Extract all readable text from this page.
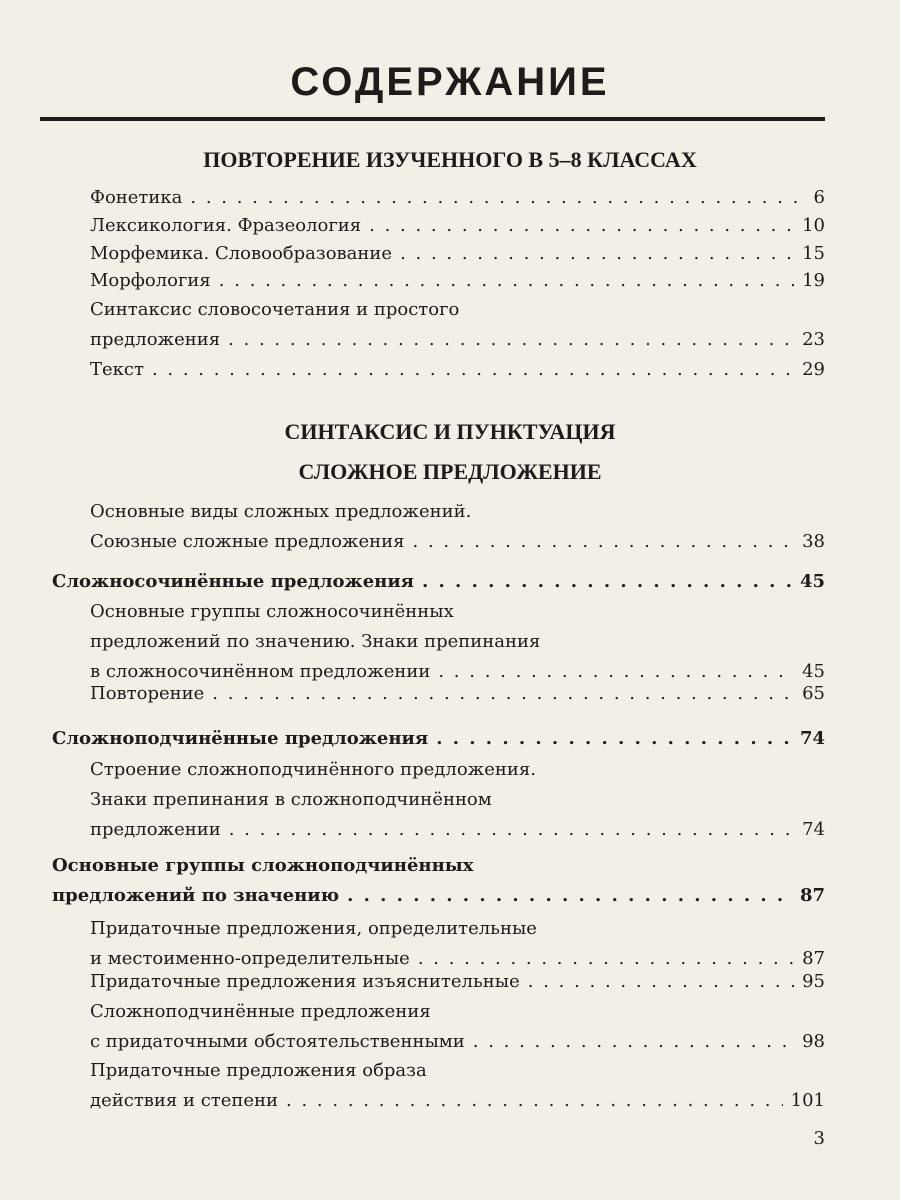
СОДЕРЖАНИЕ
ПОВТОРЕНИЕ ИЗУЧЕННОГО В 5–8 КЛАССАХ
Фонетика . . .	6
Лексикология. Фразеология . . .	10
Морфемика. Словообразование . . .	15
Морфология . . .	19
Синтаксис словосочетания и простого
предложения . . .	23
Текст . . .	29
СИНТАКСИС И ПУНКТУАЦИЯ
СЛОЖНОЕ ПРЕДЛОЖЕНИЕ
Основные виды сложных предложений.
Союзные сложные предложения . . .	38
Сложносочинённые предложения . . .	45
Основные группы сложносочинённых
предложений по значению. Знаки препинания
в сложносочинённом предложении . . .	45
Повторение . . .	65
Сложноподчинённые предложения . . .	74
Строение сложноподчинённого предложения.
Знаки препинания в сложноподчинённом
предложении . . .	74
Основные группы сложноподчинённых
предложений по значению . . .	87
Придаточные предложения, определительные
и местоименно-определительные . . .	87
Придаточные предложения изъяснительные . . .	95
Сложноподчинённые предложения
с придаточными обстоятельственными . . .	98
Придаточные предложения образа
действия и степени . . .	101
3
